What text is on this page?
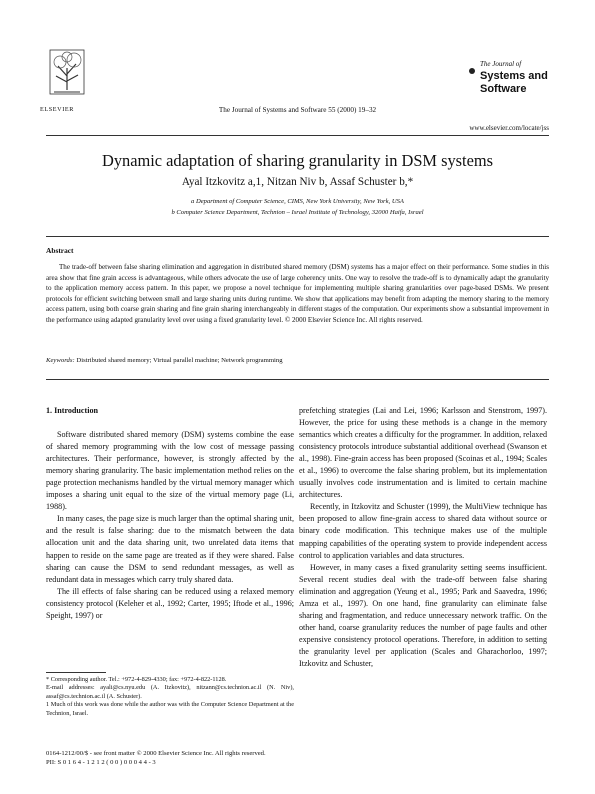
ELSEVIER	The Journal of Systems and Software 55 (2000) 19–32
The Journal of
Systems and
Software
www.elsevier.com/locate/jss
Dynamic adaptation of sharing granularity in DSM systems
Ayal Itzkovitz a,1, Nitzan Niv b, Assaf Schuster b,*
a Department of Computer Science, CIMS, New York University, New York, USA
b Computer Science Department, Technion – Israel Institute of Technology, 32000 Haifa, Israel
Abstract
The trade-off between false sharing elimination and aggregation in distributed shared memory (DSM) systems has a major effect on their performance. Some studies in this area show that fine grain access is advantageous, while others advocate the use of large coherency units. One way to resolve the trade-off is to dynamically adapt the granularity to the application memory access pattern. In this paper, we propose a novel technique for implementing multiple sharing granularities over page-based DSMs. We present protocols for efficient switching between small and large sharing units during runtime. We show that applications may benefit from adapting the memory sharing to the memory access pattern, using both coarse grain sharing and fine grain sharing interchangeably in different stages of the computation. Our experiments show a substantial improvement in the performance using adapted granularity level over using a fixed granularity level. © 2000 Elsevier Science Inc. All rights reserved.
Keywords: Distributed shared memory; Virtual parallel machine; Network programming

1. Introduction

Software distributed shared memory (DSM) systems combine the ease of shared memory programming with the low cost of message passing architectures. Their performance, however, is strongly affected by the memory sharing granularity. The basic implementation method relies on the page protection mechanisms handled by the virtual memory manager which imposes a sharing unit equal to the size of the virtual memory page (Li, 1988).

In many cases, the page size is much larger than the optimal sharing unit, and the result is false sharing: due to the mismatch between the data allocation unit and the data sharing unit, two unrelated data items that happen to reside on the same page are treated as if they were shared. False sharing can cause the DSM to send redundant messages, as well as redundant data in messages which carry truly shared data.

The ill effects of false sharing can be reduced using a relaxed memory consistency protocol (Keleher et al., 1992; Carter, 1995; Iftode et al., 1996; Speight, 1997) or

prefetching strategies (Lai and Lei, 1996; Karlsson and Stenstrom, 1997). However, the price for using these methods is a change in the memory semantics which creates a difficulty for the programmer. In addition, relaxed consistency protocols introduce substantial additional overhead (Swanson et al., 1998). Fine-grain access has been proposed (Scoinas et al., 1994; Scales et al., 1996) to overcome the false sharing problem, but its implementation usually involves code instrumentation and is limited to certain machine architectures.

Recently, in Itzkovitz and Schuster (1999), the MultiView technique has been proposed to allow fine-grain access to shared data without source or binary code modification. This technique makes use of the multiple mapping capabilities of the operating system to provide independent access control to application variables and data structures.

However, in many cases a fixed granularity setting seems insufficient. Several recent studies deal with the trade-off between false sharing elimination and aggregation (Yeung et al., 1995; Park and Saavedra, 1996; Amza et al., 1997). On one hand, fine granularity can eliminate false sharing and fragmentation, and reduce unnecessary network traffic. On the other hand, coarse granularity reduces the number of page faults and other expensive consistency protocol operations. Therefore, in addition to setting the granularity level per application (Scales and Gharachorloo, 1997; Itzkovitz and Schuster,

* Corresponding author. Tel.: +972-4-829-4330; fax: +972-4-822-1128.
E-mail addresses: ayali@cs.nyu.edu (A. Itzkovitz), nitzann@cs.technion.ac.il (N. Niv), assaf@cs.technion.ac.il (A. Schuster).
1 Much of this work was done while the author was with the Computer Science Department at the Technion, Israel.
0164-1212/00/$ - see front matter © 2000 Elsevier Science Inc. All rights reserved.
PII: S 0 1 6 4 - 1 2 1 2 ( 0 0 ) 0 0 0 4 4 - 3
